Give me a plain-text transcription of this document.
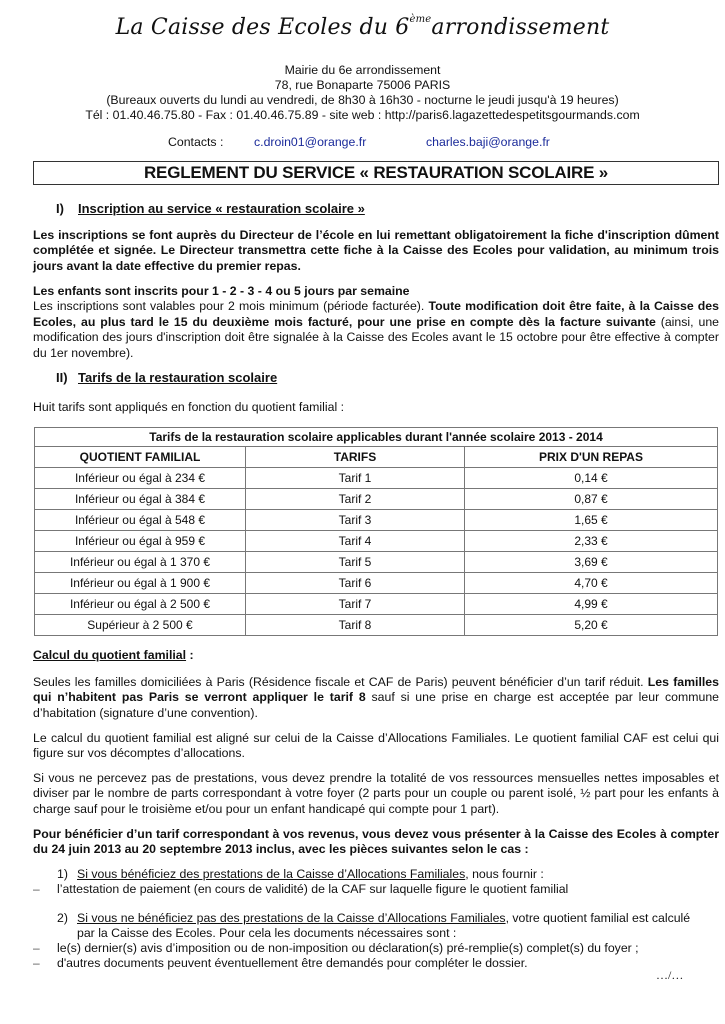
La Caisse des Ecoles du 6èmearrondissement
Mairie du 6e arrondissement
78, rue Bonaparte 75006 PARIS
(Bureaux ouverts du lundi au vendredi, de 8h30 à 16h30 - nocturne le jeudi jusqu'à 19 heures)
Tél : 01.40.46.75.80 - Fax : 01.40.46.75.89 - site web : http://paris6.lagazettedespetitsgourmands.com
Contacts : c.droin01@orange.fr	charles.baji@orange.fr
REGLEMENT DU SERVICE « RESTAURATION SCOLAIRE »
I) Inscription au service « restauration scolaire »
Les inscriptions se font auprès du Directeur de l’école en lui remettant obligatoirement la fiche d'inscription dûment complétée et signée. Le Directeur transmettra cette fiche à la Caisse des Ecoles pour validation, au minimum trois jours avant la date effective du premier repas.
Les enfants sont inscrits pour 1 - 2 - 3 - 4 ou 5 jours par semaine
Les inscriptions sont valables pour 2 mois minimum (période facturée). Toute modification doit être faite, à la Caisse des Ecoles, au plus tard le 15 du deuxième mois facturé, pour une prise en compte dès la facture suivante (ainsi, une modification des jours d'inscription doit être signalée à la Caisse des Ecoles avant le 15 octobre pour être effective à compter du 1er novembre).
II) Tarifs de la restauration scolaire
Huit tarifs sont appliqués en fonction du quotient familial :
Tarifs de la restauration scolaire applicables durant l'année scolaire 2013 - 2014		
QUOTIENT FAMILIAL	TARIFS	PRIX D'UN REPAS
Inférieur ou égal à 234 €	Tarif 1	0,14 €
Inférieur ou égal à 384 €	Tarif 2	0,87 €
Inférieur ou égal à 548 €	Tarif 3	1,65 €
Inférieur ou égal à 959 €	Tarif 4	2,33 €
Inférieur ou égal à 1 370 €	Tarif 5	3,69 €
Inférieur ou égal à 1 900 €	Tarif 6	4,70 €
Inférieur ou égal à 2 500 €	Tarif 7	4,99 €
Supérieur à 2 500 €	Tarif 8	5,20 €
Calcul du quotient familial :
Seules les familles domiciliées à Paris (Résidence fiscale et CAF de Paris) peuvent bénéficier d’un tarif réduit. Les familles qui n’habitent pas Paris se verront appliquer le tarif 8 sauf si une prise en charge est acceptée par leur commune d’habitation (signature d’une convention).
Le calcul du quotient familial est aligné sur celui de la Caisse d’Allocations Familiales. Le quotient familial CAF est celui qui figure sur vos décomptes d’allocations.
Si vous ne percevez pas de prestations, vous devez prendre la totalité de vos ressources mensuelles nettes imposables et diviser par le nombre de parts correspondant à votre foyer (2 parts pour un couple ou parent isolé, ½ part pour les enfants à charge sauf pour le troisième et/ou pour un enfant handicapé qui compte pour 1 part).
Pour bénéficier d’un tarif correspondant à vos revenus, vous devez vous présenter à la Caisse des Ecoles à compter du 24 juin 2013 au 20 septembre 2013 inclus, avec les pièces suivantes selon le cas :
1) Si vous bénéficiez des prestations de la Caisse d’Allocations Familiales, nous fournir :
– l’attestation de paiement (en cours de validité) de la CAF sur laquelle figure le quotient familial
2) Si vous ne bénéficiez pas des prestations de la Caisse d’Allocations Familiales, votre quotient familial est calculé
par la Caisse des Ecoles. Pour cela les documents nécessaires sont :
– le(s) dernier(s) avis d’imposition ou de non-imposition ou déclaration(s) pré-remplie(s) complet(s) du foyer ;
– d'autres documents peuvent éventuellement être demandés pour compléter le dossier.
…/…
